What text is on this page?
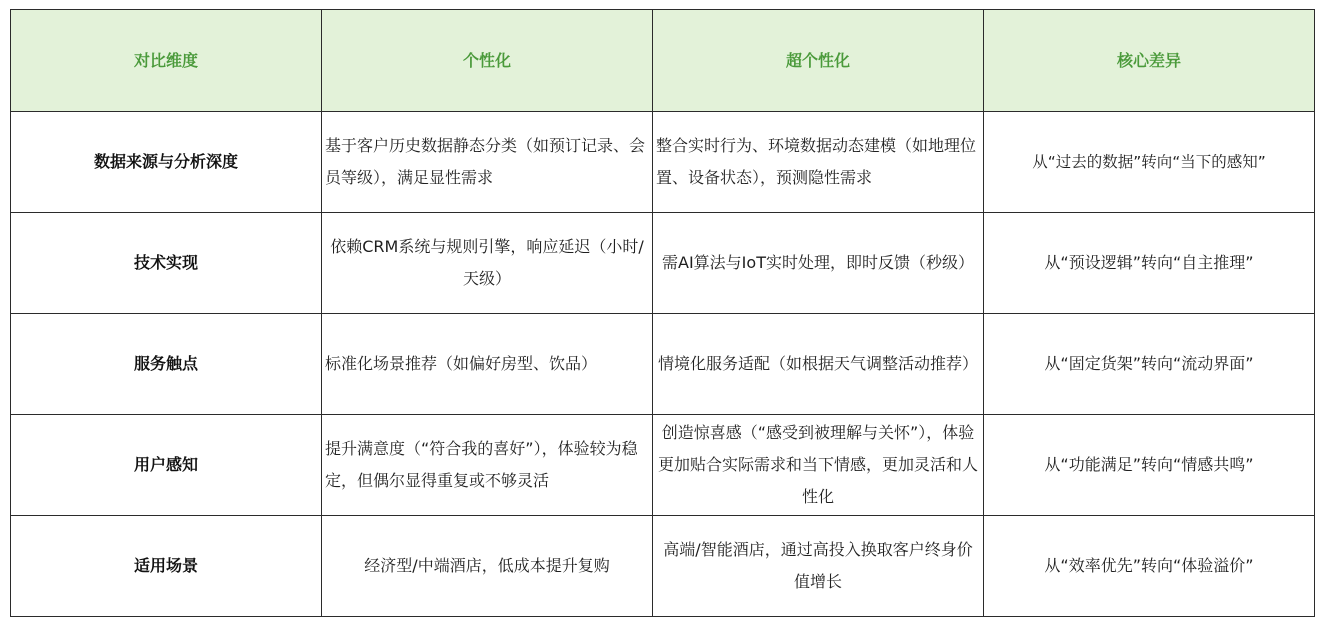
对比维度	个性化	超个性化	核心差异
数据来源与分析深度	基于客户历史数据静态分类（如预订记录、会员等级），满足显性需求	整合实时行为、环境数据动态建模（如地理位置、设备状态），预测隐性需求	从“过去的数据”转向“当下的感知”
技术实现	依赖CRM系统与规则引擎，响应延迟（小时/天级）	需AI算法与IoT实时处理，即时反馈（秒级）	从“预设逻辑”转向“自主推理”
服务触点	标准化场景推荐（如偏好房型、饮品）	情境化服务适配（如根据天气调整活动推荐）	从“固定货架”转向“流动界面”
用户感知	提升满意度（“符合我的喜好”），体验较为稳定，但偶尔显得重复或不够灵活	创造惊喜感（“感受到被理解与关怀”），体验更加贴合实际需求和当下情感，更加灵活和人性化	从“功能满足”转向“情感共鸣”
适用场景	经济型/中端酒店，低成本提升复购	高端/智能酒店，通过高投入换取客户终身价值增长	从“效率优先”转向“体验溢价”
